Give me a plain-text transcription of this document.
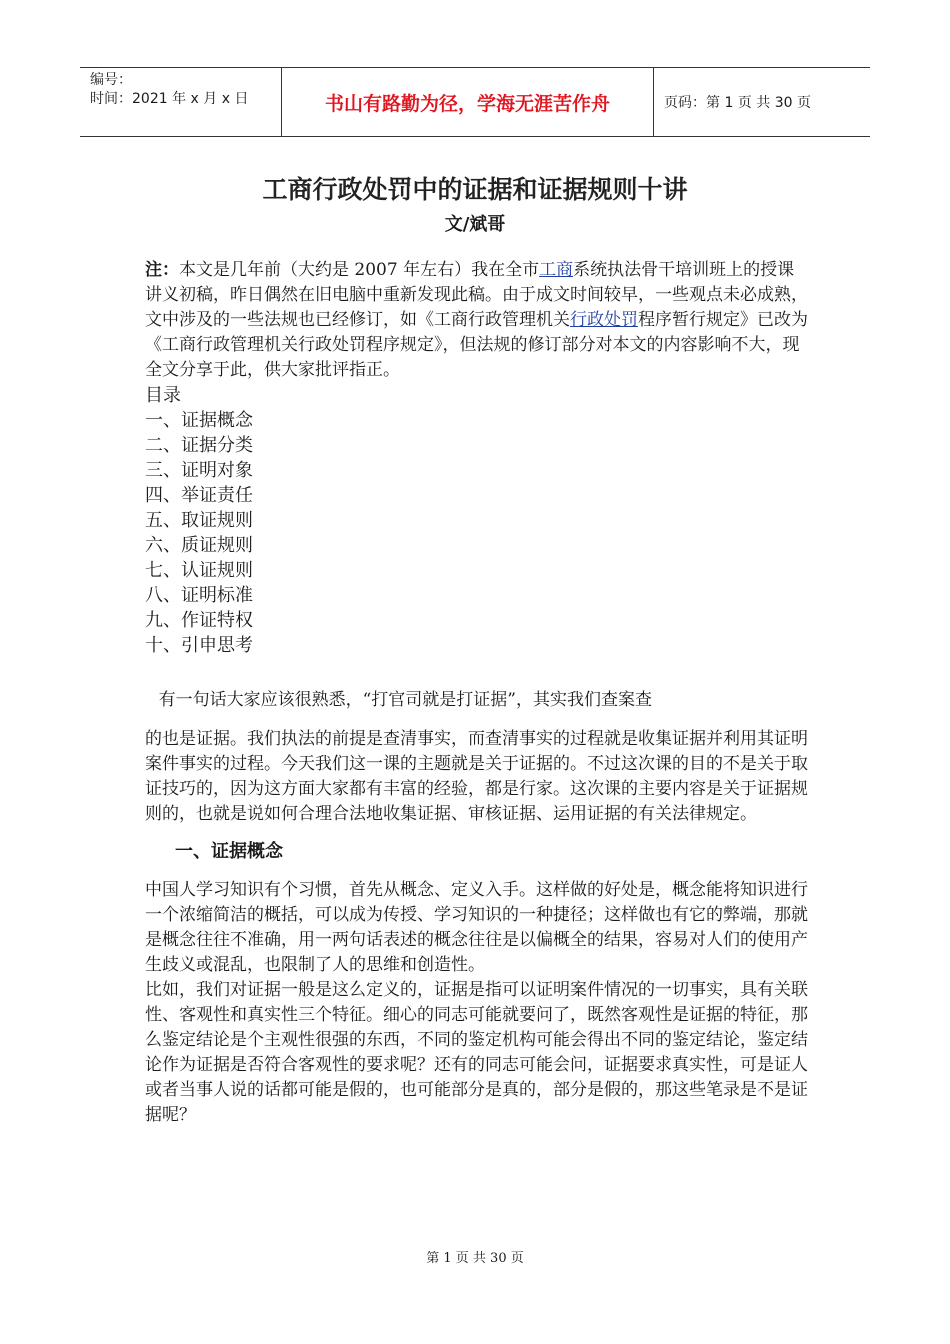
编号：
时间：2021 年 x 月 x 日	书山有路勤为径，学海无涯苦作舟	页码：第 1 页 共 30 页
工商行政处罚中的证据和证据规则十讲
文/斌哥

注：本文是几年前（大约是 2007 年左右）我在全市工商系统执法骨干培训班上的授课讲义初稿，昨日偶然在旧电脑中重新发现此稿。由于成文时间较早，一些观点未必成熟，文中涉及的一些法规也已经修订，如《工商行政管理机关行政处罚程序暂行规定》已改为《工商行政管理机关行政处罚程序规定》，但法规的修订部分对本文的内容影响不大，现全文分享于此，供大家批评指正。

目录

一、证据概念
二、证据分类
三、证明对象
四、举证责任
五、取证规则
六、质证规则
七、认证规则
八、证明标准
九、作证特权
十、引申思考

有一句话大家应该很熟悉，“打官司就是打证据”，其实我们查案查

的也是证据。我们执法的前提是查清事实，而查清事实的过程就是收集证据并利用其证明案件事实的过程。今天我们这一课的主题就是关于证据的。不过这次课的目的不是关于取证技巧的，因为这方面大家都有丰富的经验，都是行家。这次课的主要内容是关于证据规则的，也就是说如何合理合法地收集证据、审核证据、运用证据的有关法律规定。

一、证据概念

中国人学习知识有个习惯，首先从概念、定义入手。这样做的好处是，概念能将知识进行一个浓缩简洁的概括，可以成为传授、学习知识的一种捷径；这样做也有它的弊端，那就是概念往往不准确，用一两句话表述的概念往往是以偏概全的结果，容易对人们的使用产生歧义或混乱，也限制了人的思维和创造性。

比如，我们对证据一般是这么定义的，证据是指可以证明案件情况的一切事实，具有关联性、客观性和真实性三个特征。细心的同志可能就要问了，既然客观性是证据的特征，那么鉴定结论是个主观性很强的东西，不同的鉴定机构可能会得出不同的鉴定结论，鉴定结论作为证据是否符合客观性的要求呢？还有的同志可能会问，证据要求真实性，可是证人或者当事人说的话都可能是假的，也可能部分是真的，部分是假的，那这些笔录是不是证据呢？

第 1 页 共 30 页
